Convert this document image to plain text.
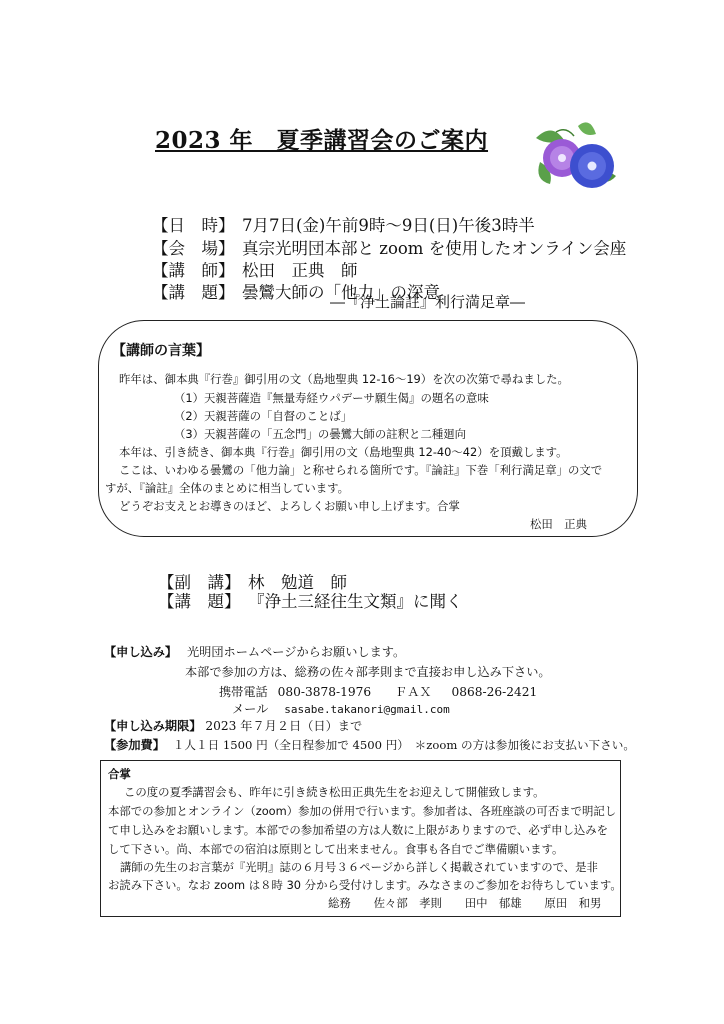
2023 年　夏季講習会のご案内
【日　時】 7月7日(金)午前9時～9日(日)午後3時半
【会　場】 真宗光明団本部と zoom を使用したオンライン会座
【講　師】 松田　正典　師
【講　題】 曇鸞大師の「他力」の深意
―『浄土論註』利行満足章―
【講師の言葉】
昨年は、御本典『行巻』御引用の文（島地聖典 12-16～19）を次の次第で尋ねました。
（1）天親菩薩造『無量寿経ウパデーサ願生偈』の題名の意味
（2）天親菩薩の「自督のことば」
（3）天親菩薩の「五念門」の曇鸞大師の註釈と二種廻向
本年は、引き続き、御本典『行巻』御引用の文（島地聖典 12-40～42）を頂戴します。
ここは、いわゆる曇鸞の「他力論」と称せられる箇所です。『論註』下巻「利行満足章」の文で
すが、『論註』全体のまとめに相当しています。
どうぞお支えとお導きのほど、よろしくお願い申し上げます。合掌
松田　正典
【副　講】 林　勉道　師
【講　題】 『浄土三経往生文類』に聞く
【申し込み】 光明団ホームページからお願いします。
本部で参加の方は、総務の佐々部孝則まで直接お申し込み下さい。
携帯電話 080-3878-1976 ＦＡＸ 0868-26-2421
メール sasabe.takanori@gmail.com
【申し込み期限】 2023 年７月２日（日）まで
【参加費】 １人１日 1500 円（全日程参加で 4500 円）　＊zoom の方は参加後にお支払い下さい。
合掌
この度の夏季講習会も、昨年に引き続き松田正典先生をお迎えして開催致します。
本部での参加とオンライン（zoom）参加の併用で行います。参加者は、各班座談の可否まで明記し
て申し込みをお願いします。本部での参加希望の方は人数に上限がありますので、必ず申し込みを
して下さい。尚、本部での宿泊は原則として出来ません。食事も各自でご準備願います。
講師の先生のお言葉が『光明』誌の６月号３６ページから詳しく掲載されていますので、是非
お読み下さい。なお zoom は８時 30 分から受付けします。みなさまのご参加をお待ちしています。
総務　　佐々部　孝則　　田中　郁雄　　原田　和男
